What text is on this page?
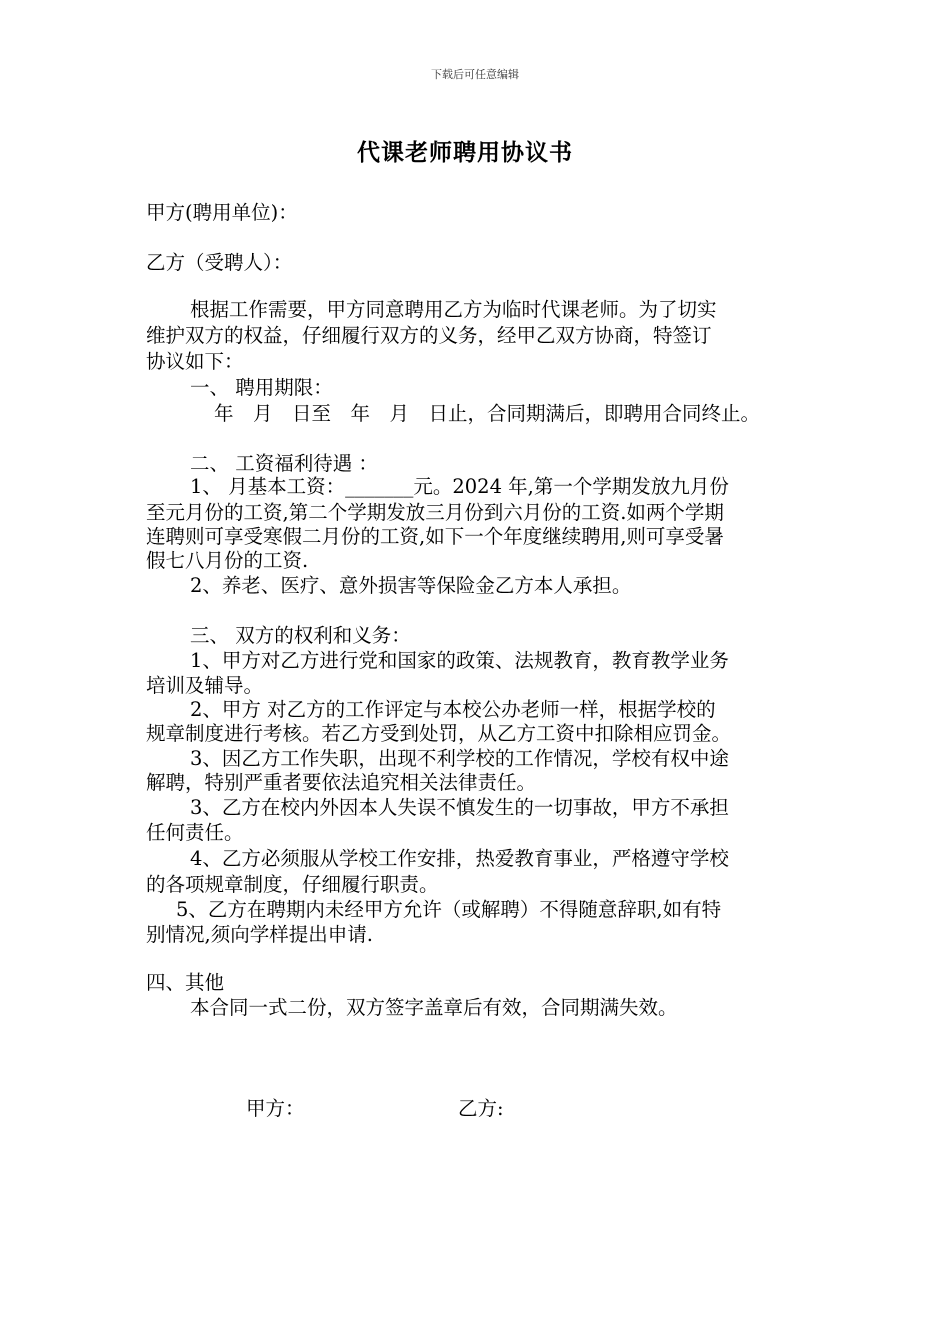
下载后可任意编辑
代课老师聘用协议书
甲方(聘用单位)：
乙方（受聘人）：
根据工作需要，甲方同意聘用乙方为临时代课老师。为了切实
维护双方的权益，仔细履行双方的义务，经甲乙双方协商，特签订
协议如下：
一、 聘用期限：
年　月　日至　年　月　日止，合同期满后，即聘用合同终止。
二、 工资福利待遇 ：
1、 月基本工资：_______元。2024 年,第一个学期发放九月份
至元月份的工资,第二个学期发放三月份到六月份的工资.如两个学期
连聘则可享受寒假二月份的工资,如下一个年度继续聘用,则可享受暑
假七八月份的工资.
2、养老、医疗、意外损害等保险金乙方本人承担。
三、 双方的权利和义务：
1、甲方对乙方进行党和国家的政策、法规教育，教育教学业务
培训及辅导。
2、甲方 对乙方的工作评定与本校公办老师一样，根据学校的
规章制度进行考核。若乙方受到处罚，从乙方工资中扣除相应罚金。
3、因乙方工作失职，出现不利学校的工作情况，学校有权中途
解聘，特别严重者要依法追究相关法律责任。
3、乙方在校内外因本人失误不慎发生的一切事故，甲方不承担
任何责任。
4、乙方必须服从学校工作安排，热爱教育事业，严格遵守学校
的各项规章制度，仔细履行职责。
5、乙方在聘期内未经甲方允许（或解聘）不得随意辞职,如有特
别情况,须向学样提出申请.
四、其他
本合同一式二份，双方签字盖章后有效，合同期满失效。
甲方：	乙方:
